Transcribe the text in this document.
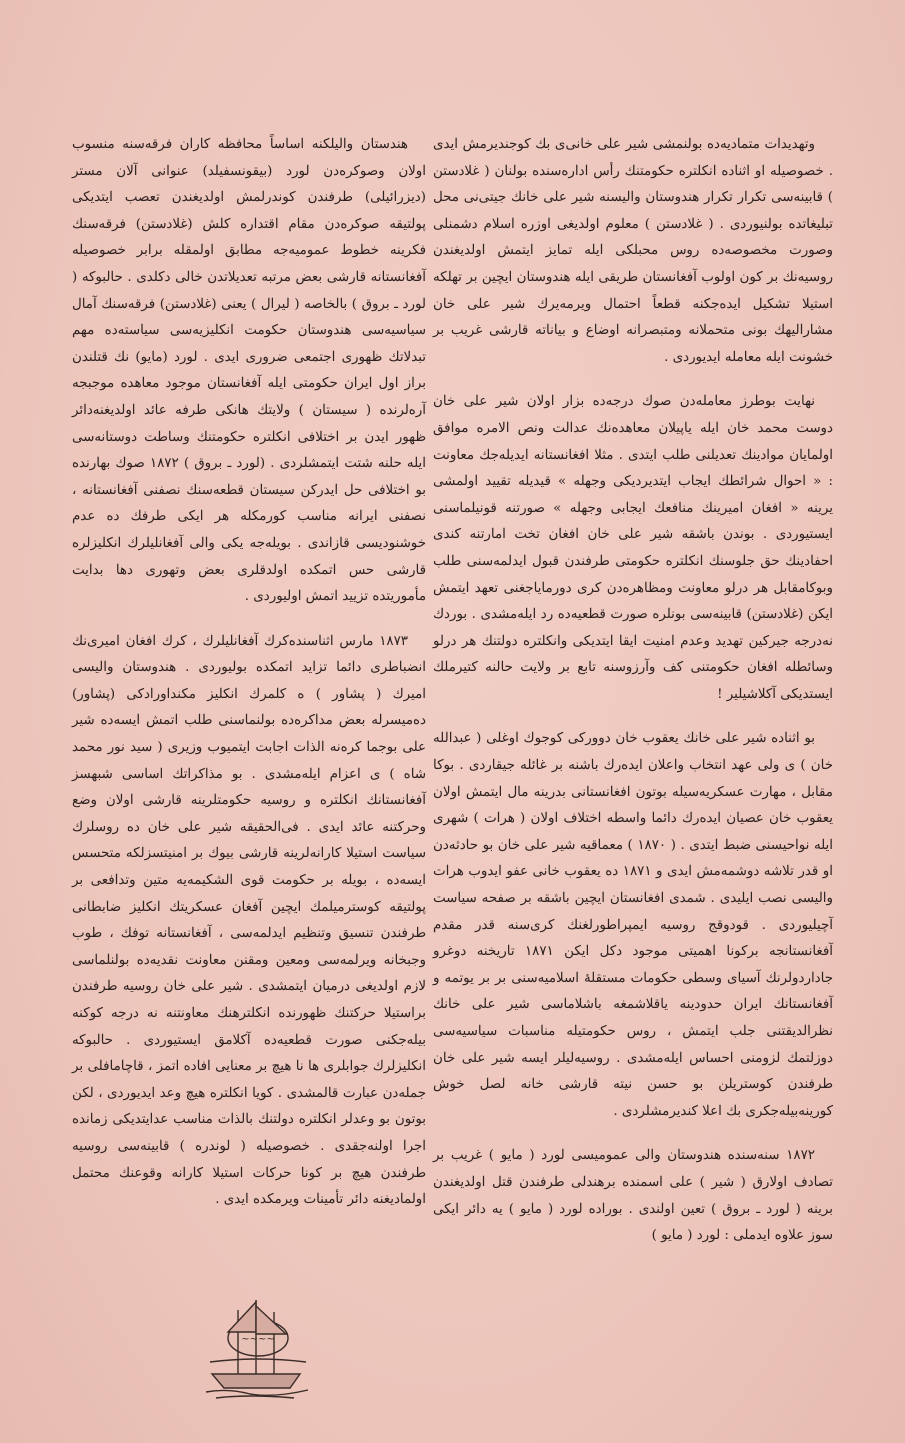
وتهدیدات متمادیه‌ده بولنمشی شیر علی خانی‌ی بك کوجندیرمش ایدی . خصوصیله او اثناده انکلتره حکومتنك رأس اداره‌سنده بولنان ( غلادستن ) قابینه‌سی تکرار تکرار هندوستان والیسنه شیر علی خانك جیتی‌نی محل تبلیغاتده بولنیوردی . ( غلادستن ) معلوم اولدیغی اوزره اسلام دشمنلی وصورت مخصوصه‌ده روس محبلکی ایله تمایز ایتمش اولدیغندن روسیه‌نك بر کون اولوب آفغانستان طریقی ایله هندوستان ایچین بر تهلکه استیلا تشکیل ایده‌جکنه قطعاً احتمال ویرمه‌یرك شیر علی خان مشارالیهك بونی متحملانه ومتبصرانه اوضاع و بیاناته قارشی غریب بر خشونت ایله معامله ایدیوردی .

نهایت بوطرز معامله‌دن صوك درجه‌ده بزار اولان شیر علی خان دوست محمد خان ایله یاپیلان معاهده‌نك عدالت ونص الامره موافق اولمایان موادینك تعدیلنی طلب ایتدی . مثلا افغانستانه ایدیله‌جك معاونت : « احوال شرائطك ایجاب ایتدیردیکی وجهله » قیدیله تقیید اولمشی یرینه « افغان امیرینك منافعك ایجابی وجهله » صورتنه قونیلماسنی ایستیوردی . بوندن باشقه شیر علی خان افغان تخت امارتنه کندی احفادینك حق جلوسنك انکلتره حکومتی طرفندن قبول ایدلمه‌سنی طلب وبوکامقابل هر درلو معاونت ومظاهره‌دن کری دورمایاجغنی تعهد ایتمش ایکن (غلادستن) قابینه‌سی بونلره صورت قطعیه‌ده رد ایله‌مشدی . بوردك نه‌درجه جیرکین تهدید وعدم امنیت ایقا ایتدیکی وانکلتره دولتنك هر درلو وسائطله افغان حکومتنی کف وآرزوسنه تابع بر ولایت حالنه کتیرملك ایستدیکی آکلاشیلیر !

بو اثناده شیر علی خانك یعقوب خان دوورکی کوجوك اوغلی ( عبدالله خان ) ی ولی عهد انتخاب واعلان ایده‌رك باشنه بر غائله جیقاردی . بوکا مقابل ، مهارت عسکریه‌سیله بوتون افغانستانی بدرینه مال ایتمش اولان یعقوب خان عصیان ایده‌رك دائما واسطه اختلاف اولان ( هرات ) شهری ایله نواحیسنی ضبط ایتدی . ( ۱۸۷۰ ) معماقیه شیر علی خان بو حادثه‌دن او قدر تلاشه دوشمه‌مش ایدی و ۱۸۷۱ ده یعقوب خانی عفو ایدوب هرات والیسی نصب ایلیدی . شمدی افغانستان ایچین باشقه بر صفحه سیاست آچیلیوردی . قودوقج روسیه ایمپراطورلغنك کری‌سنه قدر مقدم آفغانستانجه برکونا اهمیتی موجود دکل ایکن ۱۸۷۱ تاریخنه دوغرو جاداردولرنك آسیای وسطی حکومات مستقله‌ٔ اسلامیه‌سنی بر بر یوتمه و آفغانستانك ایران حدودینه یاقلاشمغه باشلاماسی شیر علی خانك نظرالدیقتنی جلب ایتمش ، روس حکومتیله مناسبات سیاسیه‌سی دوزلتمك لزومنی احساس ایله‌مشدی . روسیه‌لیلر ایسه شیر علی خان طرفندن کوستریلن بو حسن نیته قارشی خانه لصل خوش کورینه‌بیله‌جكری بك اعلا کندیرمشلردی .

۱۸۷۲ سنه‌سنده هندوستان والی عمومیسی لورد ( مایو ) غریب بر تصادف اولارق ( شیر ) علی اسمنده برهندلی طرفندن قتل اولدیغندن برینه ( لورد ـ بروق ) تعین اولندی . بوراده لورد ( مایو ) یه دائر ایکی سوز علاوه ایدملی : لورد ( مایو )

هندستان والیلکنه اساساً محافظه کاران فرقه‌سنه منسوب اولان وصوکره‌دن لورد (بیقونسفیلد) عنوانی آلان مستر (دیزرائیلی) طرفندن کوندرلمش اولدیغندن تعصب ایتدیکی پولتیقه صوکره‌دن مقام اقتداره کلش (غلادستن) فرقه‌سنك فکرینه خطوط عمومیه‌جه مطابق اولمقله برابر خصوصیله آفغانستانه قارشی بعض مرتبه تعدیلاتدن خالی دکلدی . حالبوکه ( لورد ـ بروق ) بالخاصه ( لیرال ) یعنی (غلادستن) فرقه‌سنك آمال سیاسیه‌سی هندوستان حکومت انکلیزیه‌سی سیاسته‌ده مهم تبدلاتك ظهوری اجتمعی ضروری ایدی . لورد (مایو) نك قتلندن براز اول ایران حکومتی ایله آفغانستان موجود معاهده موجبجه آره‌لرنده ( سیستان ) ولایتك هانکی طرفه عائد اولدیغنه‌دائر ظهور ایدن بر اختلافی انکلتره حکومتنك وساطت دوستانه‌سی ایله حلنه‌ شتت ایتمشلردی . (لورد ـ بروق ) ۱۸۷۲ صوك بهارنده بو اختلافی حل ایدرکن سیستان قطعه‌سنك نصفنی آفغانستانه ، نصفنی ایرانه مناسب کورمکله هر ایکی طرفك ده عدم خوشنودیسی قازاندی . بویله‌جه یکی والی آفغانلیلرك انکلیزلره قارشی حس اتمکده اولدقلری بعض وتهوری دها بدایت مأموریتده تزیید اتمش اولیوردی .

۱۸۷۳ مارس اثناسنده‌کرك آفغانلیلرك ، کرك افغان امیری‌نك انضباطری دائما تزاید اتمکده بولیوردی . هندوستان والیسی امیرك ( پشاور ) ه کلمرك انکلیز مکنداورادکی (پشاور) ده‌میسرله بعض مداکره‌ده بولنماسنی طلب اتمش ایسه‌ده شیر علی بوجما کره‌نه الذات اجابت ایتمیوب وزیری ( سید نور محمد شاه ) ی اعزام ایله‌مشدی . بو مذاکراتك اساسی شبهسز آفغانستانك انکلتره و روسیه حکومتلرینه قارشی اولان وضع وحرکتنه عائد ایدی . فی‌الحقیقه شیر علی خان ده روسلرك سیاست استیلا کارانه‌لرینه قارشی بیوك بر امنیتسزلکه متحسس ایسه‌ده ، بویله بر حکومت قوی الشکیمه‌یه متین وتدافعی بر پولتیقه کوسترمیلمك ایچین آفغان عسکریتك انکلیز ضابطانی طرفندن تنسیق وتنظیم ایدلمه‌سی ، آفغانستانه توفك ، طوب وجبخانه ویرلمه‌سی ومعین ومقنن معاونت نقدیه‌ده بولنلماسی لازم اولدیغی درمیان ایتمشدی . شیر علی خان روسیه طرفندن براستیلا حرکتنك ظهورنده انکلترهنك معاونتنه نه درجه کوکنه بیله‌جکنی صورت قطعیه‌ده آکلامق ایستیوردی . حالبوکه انکلیزلرك جوابلری ها نا هیچ بر معنایی افاده اتمز ، قاچامافلی بر جمله‌دن عبارت قالمشدی . کویا انکلتره هیچ وعد ایدیوردی ، لکن بوتون بو وعدلر انکلتره دولتنك بالذات مناسب عدایتدیکی زمانده اجرا اولنه‌جقدی . خصوصیله ( لوندره ) قابینه‌سی روسیه طرفندن هیچ بر کونا حرکات استیلا کارانه وقوعنك محتمل اولمادیغنه دائر تأمینات ویرمکده ایدی .

~~~~
